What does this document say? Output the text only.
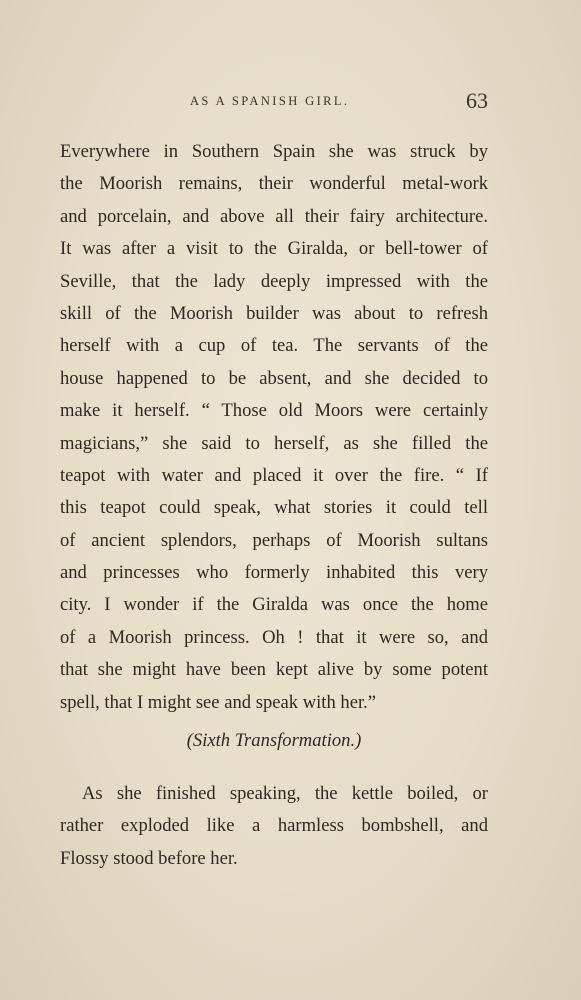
AS A SPANISH GIRL.	63
Everywhere in Southern Spain she was struck by
the Moorish remains, their wonderful metal-work
and porcelain, and above all their fairy architecture.
It was after a visit to the Giralda, or bell-tower of
Seville, that the lady deeply impressed with the
skill of the Moorish builder was about to refresh
herself with a cup of tea. The servants of the
house happened to be absent, and she decided to
make it herself. “ Those old Moors were certainly
magicians,” she said to herself, as she filled the
teapot with water and placed it over the fire. “ If
this teapot could speak, what stories it could tell
of ancient splendors, perhaps of Moorish sultans
and princesses who formerly inhabited this very
city. I wonder if the Giralda was once the home
of a Moorish princess. Oh ! that it were so, and
that she might have been kept alive by some potent
spell, that I might see and speak with her.”
(Sixth Transformation.)
As she finished speaking, the kettle boiled, or
rather exploded like a harmless bombshell, and
Flossy stood before her.
